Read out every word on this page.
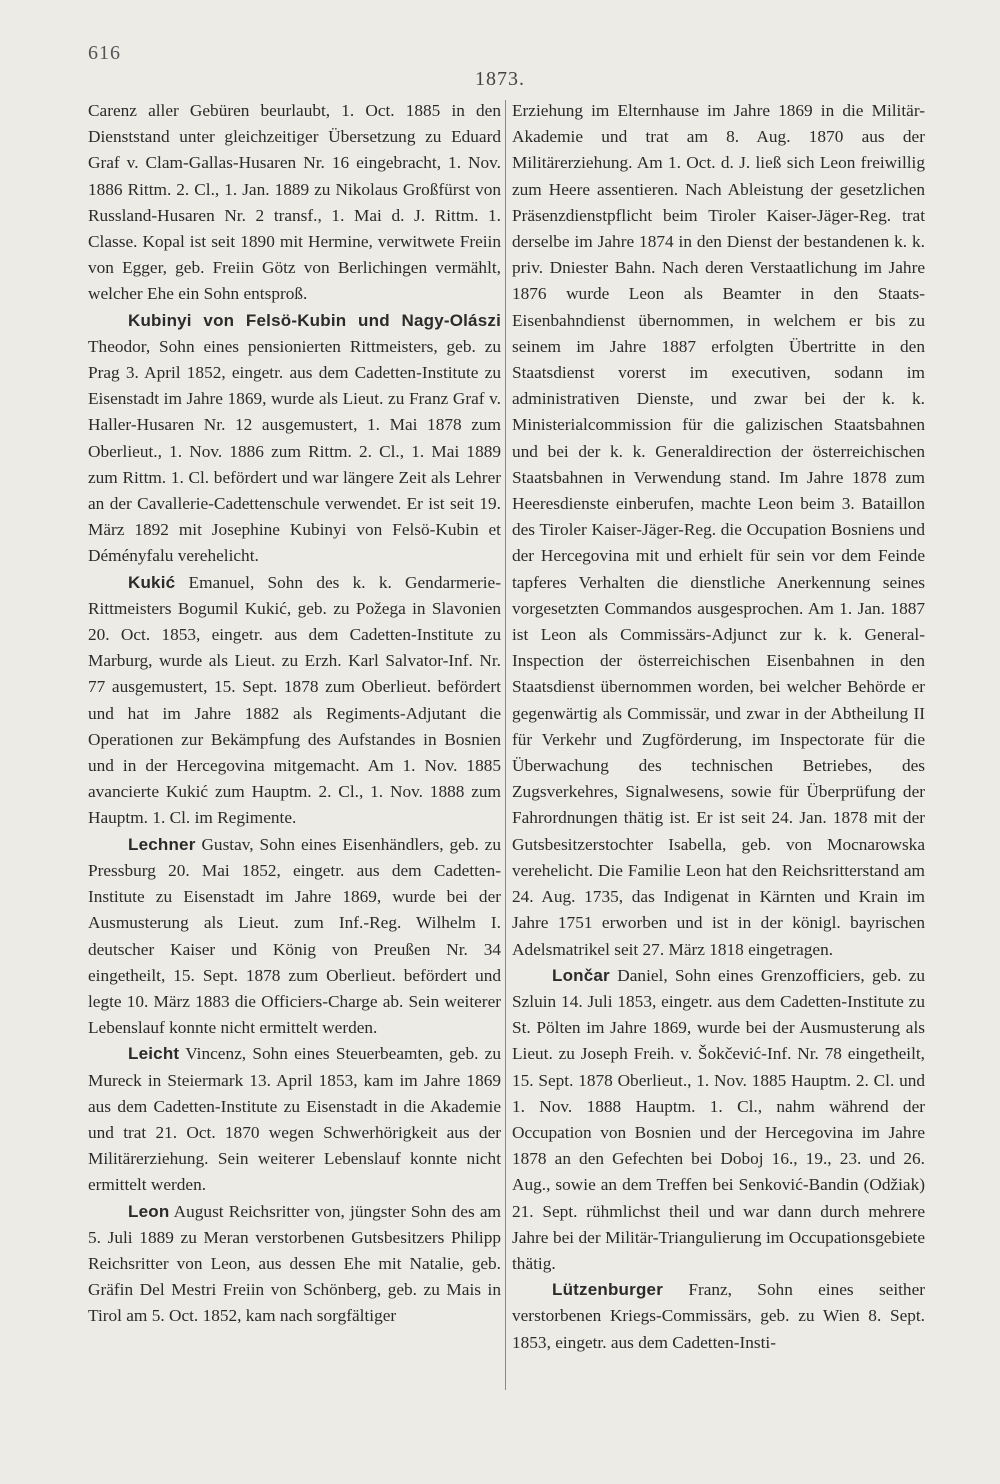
616
1873.

Carenz aller Gebüren beurlaubt, 1. Oct. 1885 in den Dienststand unter gleichzeitiger Übersetzung zu Eduard Graf v. Clam-Gallas-Husaren Nr. 16 eingebracht, 1. Nov. 1886 Rittm. 2. Cl., 1. Jan. 1889 zu Nikolaus Großfürst von Russland-Husaren Nr. 2 transf., 1. Mai d. J. Rittm. 1. Classe. Kopal ist seit 1890 mit Hermine, verwitwete Freiin von Egger, geb. Freiin Götz von Berlichingen vermählt, welcher Ehe ein Sohn entsproß.

Kubinyi von Felsö-Kubin und Nagy-Olászi Theodor, Sohn eines pensionierten Rittmeisters, geb. zu Prag 3. April 1852, eingetr. aus dem Cadetten-Institute zu Eisenstadt im Jahre 1869, wurde als Lieut. zu Franz Graf v. Haller-Husaren Nr. 12 ausgemustert, 1. Mai 1878 zum Oberlieut., 1. Nov. 1886 zum Rittm. 2. Cl., 1. Mai 1889 zum Rittm. 1. Cl. befördert und war längere Zeit als Lehrer an der Cavallerie-Cadettenschule verwendet. Er ist seit 19. März 1892 mit Josephine Kubinyi von Felsö-Kubin et Déményfalu verehelicht.

Kukić Emanuel, Sohn des k. k. Gendarmerie-Rittmeisters Bogumil Kukić, geb. zu Požega in Slavonien 20. Oct. 1853, eingetr. aus dem Cadetten-Institute zu Marburg, wurde als Lieut. zu Erzh. Karl Salvator-Inf. Nr. 77 ausgemustert, 15. Sept. 1878 zum Oberlieut. befördert und hat im Jahre 1882 als Regiments-Adjutant die Operationen zur Bekämpfung des Aufstandes in Bosnien und in der Hercegovina mitgemacht. Am 1. Nov. 1885 avancierte Kukić zum Hauptm. 2. Cl., 1. Nov. 1888 zum Hauptm. 1. Cl. im Regimente.

Lechner Gustav, Sohn eines Eisenhändlers, geb. zu Pressburg 20. Mai 1852, eingetr. aus dem Cadetten-Institute zu Eisenstadt im Jahre 1869, wurde bei der Ausmusterung als Lieut. zum Inf.-Reg. Wilhelm I. deutscher Kaiser und König von Preußen Nr. 34 eingetheilt, 15. Sept. 1878 zum Oberlieut. befördert und legte 10. März 1883 die Officiers-Charge ab. Sein weiterer Lebenslauf konnte nicht ermittelt werden.

Leicht Vincenz, Sohn eines Steuerbeamten, geb. zu Mureck in Steiermark 13. April 1853, kam im Jahre 1869 aus dem Cadetten-Institute zu Eisenstadt in die Akademie und trat 21. Oct. 1870 wegen Schwerhörigkeit aus der Militärerziehung. Sein weiterer Lebenslauf konnte nicht ermittelt werden.

Leon August Reichsritter von, jüngster Sohn des am 5. Juli 1889 zu Meran verstorbenen Gutsbesitzers Philipp Reichsritter von Leon, aus dessen Ehe mit Natalie, geb. Gräfin Del Mestri Freiin von Schönberg, geb. zu Mais in Tirol am 5. Oct. 1852, kam nach sorgfältiger

Erziehung im Elternhause im Jahre 1869 in die Militär-Akademie und trat am 8. Aug. 1870 aus der Militärerziehung. Am 1. Oct. d. J. ließ sich Leon freiwillig zum Heere assentieren. Nach Ableistung der gesetzlichen Präsenzdienstpflicht beim Tiroler Kaiser-Jäger-Reg. trat derselbe im Jahre 1874 in den Dienst der bestandenen k. k. priv. Dniester Bahn. Nach deren Verstaatlichung im Jahre 1876 wurde Leon als Beamter in den Staats-Eisenbahndienst übernommen, in welchem er bis zu seinem im Jahre 1887 erfolgten Übertritte in den Staatsdienst vorerst im executiven, sodann im administrativen Dienste, und zwar bei der k. k. Ministerialcommission für die galizischen Staatsbahnen und bei der k. k. Generaldirection der österreichischen Staatsbahnen in Verwendung stand. Im Jahre 1878 zum Heeresdienste einberufen, machte Leon beim 3. Bataillon des Tiroler Kaiser-Jäger-Reg. die Occupation Bosniens und der Hercegovina mit und erhielt für sein vor dem Feinde tapferes Verhalten die dienstliche Anerkennung seines vorgesetzten Commandos ausgesprochen. Am 1. Jan. 1887 ist Leon als Commissärs-Adjunct zur k. k. General-Inspection der österreichischen Eisenbahnen in den Staatsdienst übernommen worden, bei welcher Behörde er gegenwärtig als Commissär, und zwar in der Abtheilung II für Verkehr und Zugförderung, im Inspectorate für die Überwachung des technischen Betriebes, des Zugsverkehres, Signalwesens, sowie für Überprüfung der Fahrordnungen thätig ist. Er ist seit 24. Jan. 1878 mit der Gutsbesitzerstochter Isabella, geb. von Mocnarowska verehelicht. Die Familie Leon hat den Reichsritterstand am 24. Aug. 1735, das Indigenat in Kärnten und Krain im Jahre 1751 erworben und ist in der königl. bayrischen Adelsmatrikel seit 27. März 1818 eingetragen.

Lončar Daniel, Sohn eines Grenzofficiers, geb. zu Szluin 14. Juli 1853, eingetr. aus dem Cadetten-Institute zu St. Pölten im Jahre 1869, wurde bei der Ausmusterung als Lieut. zu Joseph Freih. v. Šokčević-Inf. Nr. 78 eingetheilt, 15. Sept. 1878 Oberlieut., 1. Nov. 1885 Hauptm. 2. Cl. und 1. Nov. 1888 Hauptm. 1. Cl., nahm während der Occupation von Bosnien und der Hercegovina im Jahre 1878 an den Gefechten bei Doboj 16., 19., 23. und 26. Aug., sowie an dem Treffen bei Senković-Bandin (Odžiak) 21. Sept. rühmlichst theil und war dann durch mehrere Jahre bei der Militär-Triangulierung im Occupationsgebiete thätig.

Lützenburger Franz, Sohn eines seither verstorbenen Kriegs-Commissärs, geb. zu Wien 8. Sept. 1853, eingetr. aus dem Cadetten-Insti-
